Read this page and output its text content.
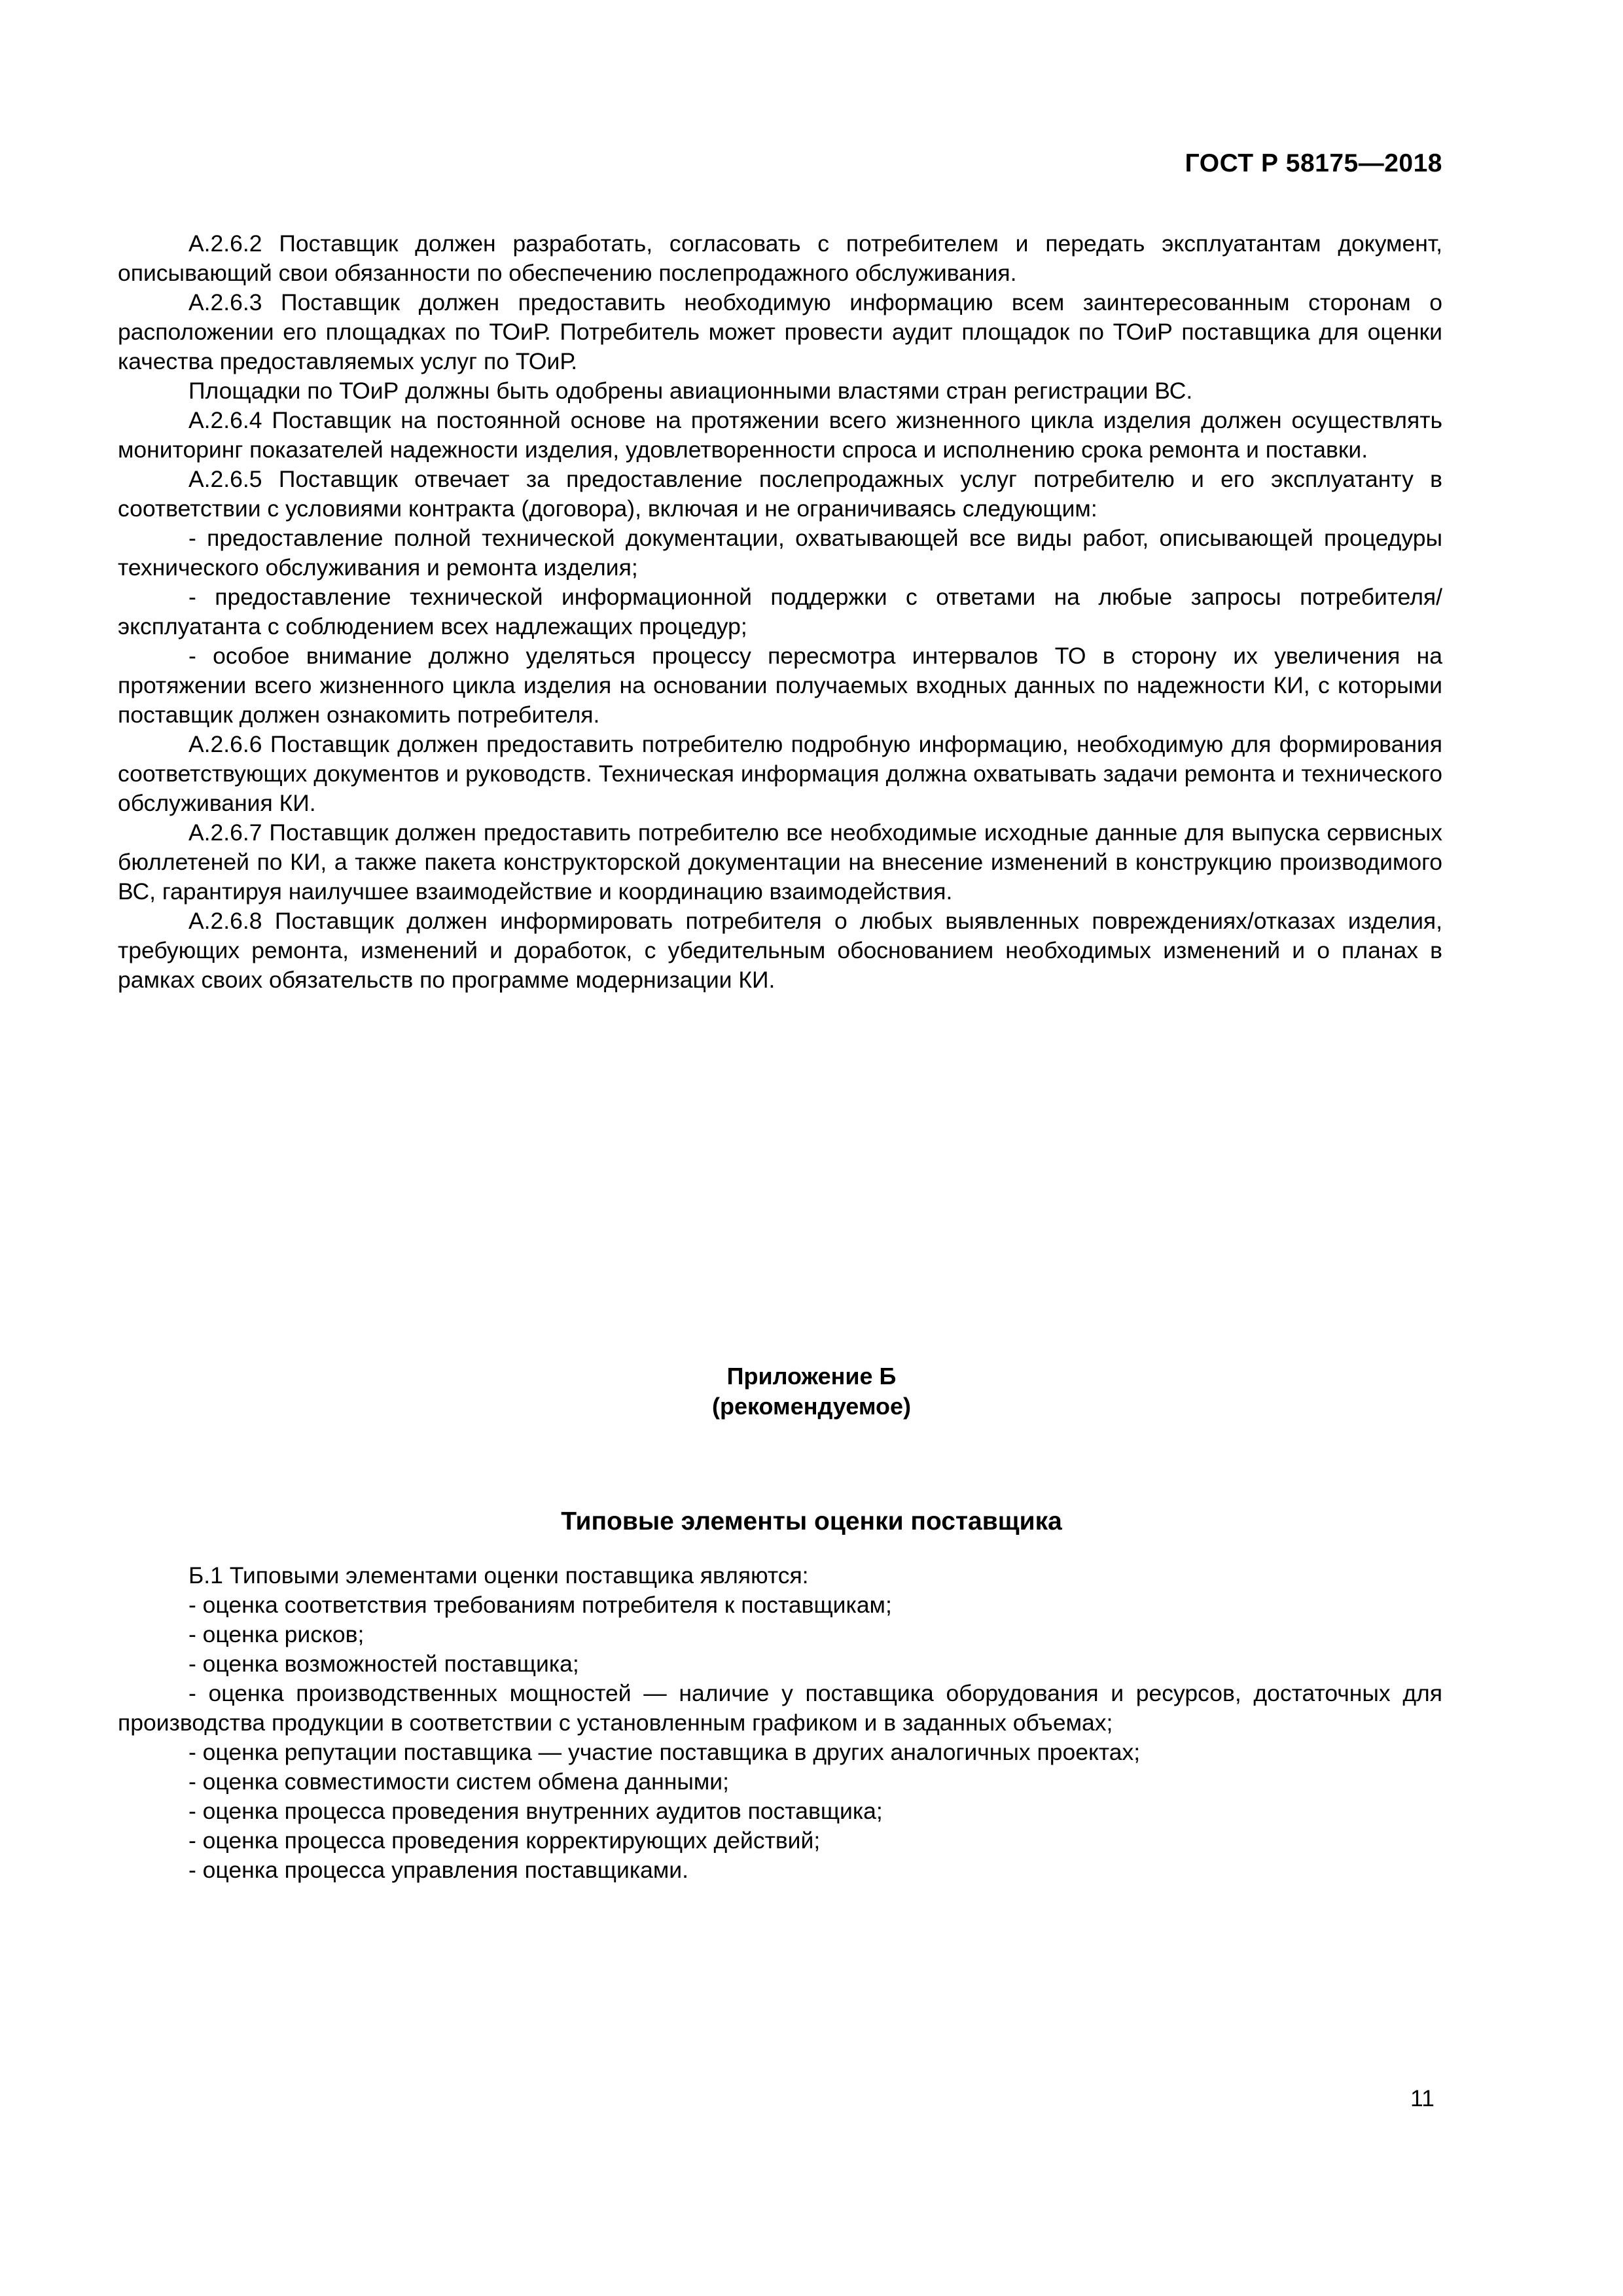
ГОСТ Р 58175—2018

А.2.6.2 Поставщик должен разработать, согласовать с потребителем и передать эксплуатантам документ, описывающий свои обязанности по обеспечению послепродажного обслуживания.

А.2.6.3 Поставщик должен предоставить необходимую информацию всем заинтересованным сторонам о расположении его площадках по ТОиР. Потребитель может провести аудит площадок по ТОиР поставщика для оценки качества предоставляемых услуг по ТОиР.

Площадки по ТОиР должны быть одобрены авиационными властями стран регистрации ВС.

А.2.6.4 Поставщик на постоянной основе на протяжении всего жизненного цикла изделия должен осуществлять мониторинг показателей надежности изделия, удовлетворенности спроса и исполнению срока ремонта и поставки.

А.2.6.5 Поставщик отвечает за предоставление послепродажных услуг потребителю и его эксплуатанту в соответствии с условиями контракта (договора), включая и не ограничиваясь следующим:

- предоставление полной технической документации, охватывающей все виды работ, описывающей процедуры технического обслуживания и ремонта изделия;

- предоставление технической информационной поддержки с ответами на любые запросы потребителя/эксплуатанта с соблюдением всех надлежащих процедур;

- особое внимание должно уделяться процессу пересмотра интервалов ТО в сторону их увеличения на протяжении всего жизненного цикла изделия на основании получаемых входных данных по надежности КИ, с которыми поставщик должен ознакомить потребителя.

А.2.6.6 Поставщик должен предоставить потребителю подробную информацию, необходимую для формирования соответствующих документов и руководств. Техническая информация должна охватывать задачи ремонта и технического обслуживания КИ.

А.2.6.7 Поставщик должен предоставить потребителю все необходимые исходные данные для выпуска сервисных бюллетеней по КИ, а также пакета конструкторской документации на внесение изменений в конструкцию производимого ВС, гарантируя наилучшее взаимодействие и координацию взаимодействия.

А.2.6.8 Поставщик должен информировать потребителя о любых выявленных повреждениях/отказах изделия, требующих ремонта, изменений и доработок, с убедительным обоснованием необходимых изменений и о планах в рамках своих обязательств по программе модернизации КИ.

Приложение Б
(рекомендуемое)
Типовые элементы оценки поставщика

Б.1 Типовыми элементами оценки поставщика являются:

- оценка соответствия требованиям потребителя к поставщикам;

- оценка рисков;

- оценка возможностей поставщика;

- оценка производственных мощностей — наличие у поставщика оборудования и ресурсов, достаточных для производства продукции в соответствии с установленным графиком и в заданных объемах;

- оценка репутации поставщика — участие поставщика в других аналогичных проектах;

- оценка совместимости систем обмена данными;

- оценка процесса проведения внутренних аудитов поставщика;

- оценка процесса проведения корректирующих действий;

- оценка процесса управления поставщиками.

11
